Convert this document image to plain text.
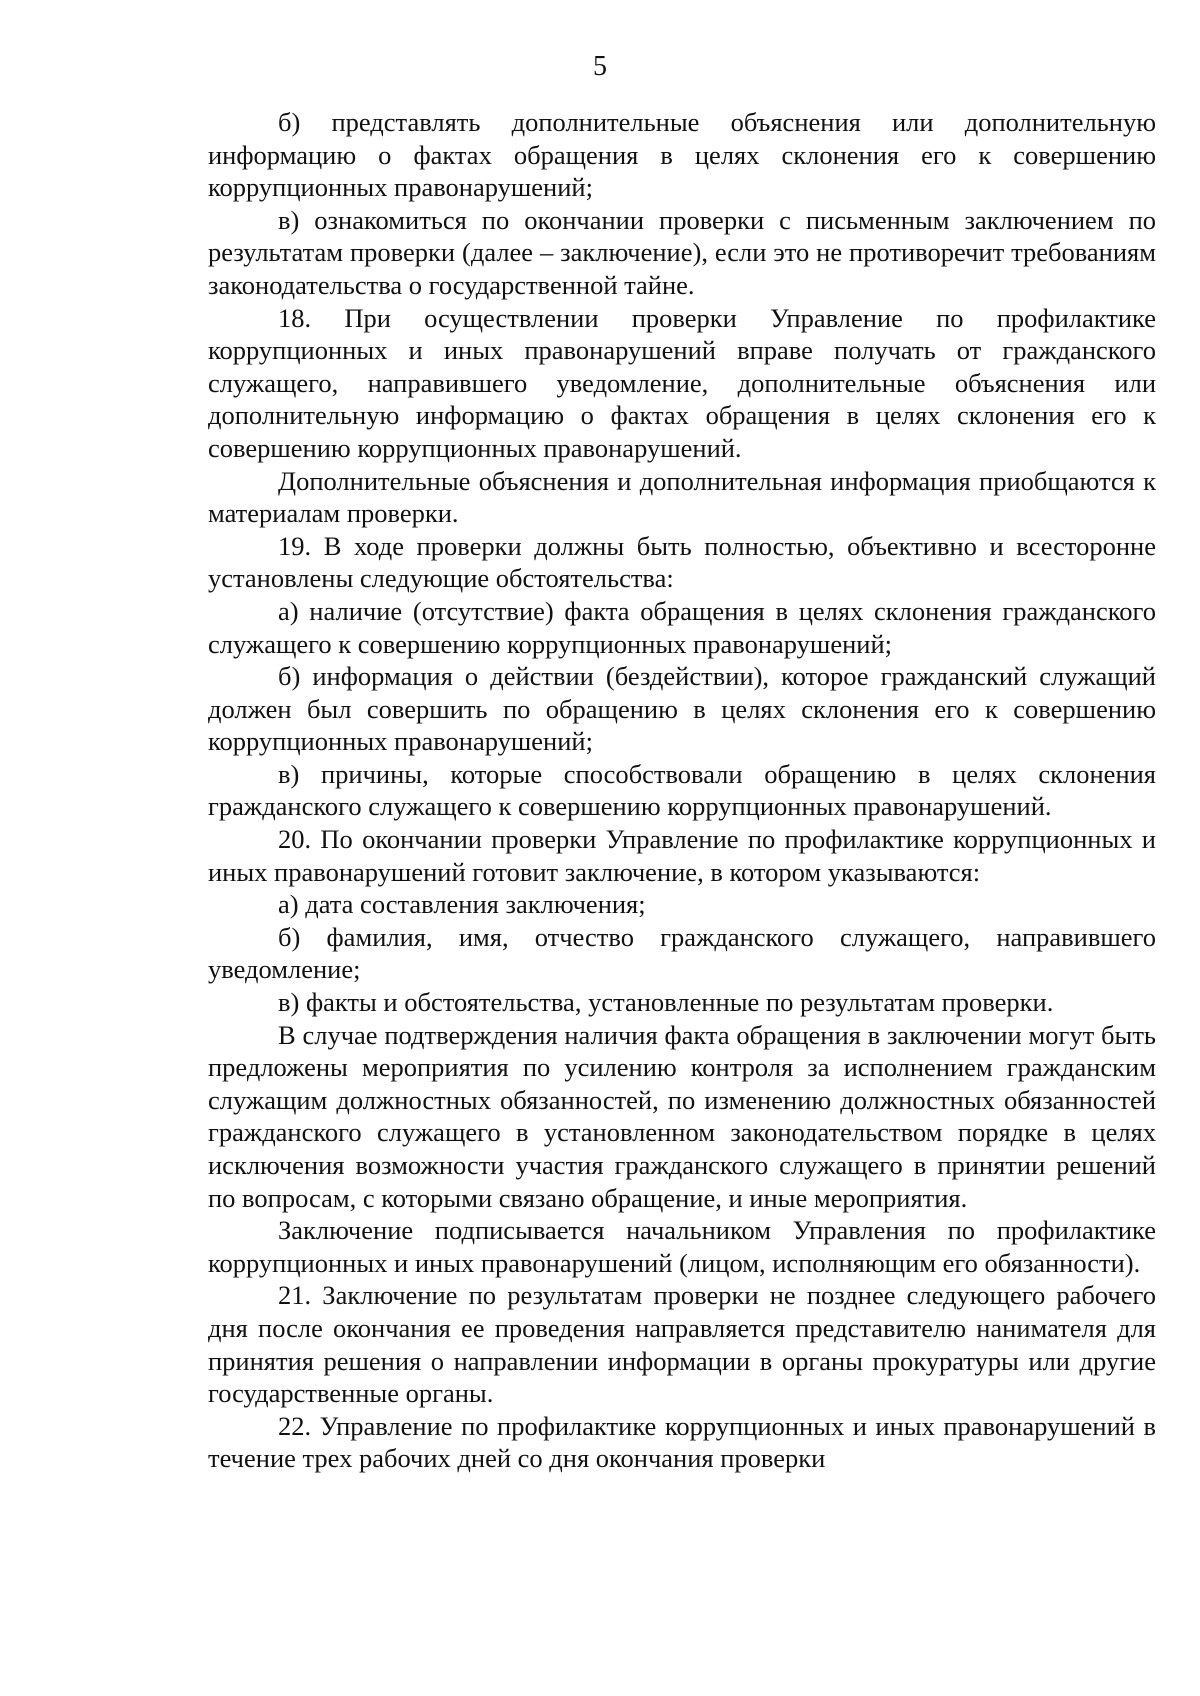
5

б) представлять дополнительные объяснения или дополнительную информацию о фактах обращения в целях склонения его к совершению коррупционных правонарушений;

в) ознакомиться по окончании проверки с письменным заключением по результатам проверки (далее – заключение), если это не противоречит требованиям законодательства о государственной тайне.

18. При осуществлении проверки Управление по профилактике коррупционных и иных правонарушений вправе получать от гражданского служащего, направившего уведомление, дополнительные объяснения или дополнительную информацию о фактах обращения в целях склонения его к совершению коррупционных правонарушений.

Дополнительные объяснения и дополнительная информация приобщаются к материалам проверки.

19. В ходе проверки должны быть полностью, объективно и всесторонне установлены следующие обстоятельства:

а) наличие (отсутствие) факта обращения в целях склонения гражданского служащего к совершению коррупционных правонарушений;

б) информация о действии (бездействии), которое гражданский служащий должен был совершить по обращению в целях склонения его к совершению коррупционных правонарушений;

в) причины, которые способствовали обращению в целях склонения гражданского служащего к совершению коррупционных правонарушений.

20. По окончании проверки Управление по профилактике коррупционных и иных правонарушений готовит заключение, в котором указываются:

а) дата составления заключения;

б) фамилия, имя, отчество гражданского служащего, направившего уведомление;

в) факты и обстоятельства, установленные по результатам проверки.

В случае подтверждения наличия факта обращения в заключении могут быть предложены мероприятия по усилению контроля за исполнением гражданским служащим должностных обязанностей, по изменению должностных обязанностей гражданского служащего в установленном законодательством порядке в целях исключения возможности участия гражданского служащего в принятии решений по вопросам, с которыми связано обращение, и иные мероприятия.

Заключение подписывается начальником Управления по профилактике коррупционных и иных правонарушений (лицом, исполняющим его обязанности).

21. Заключение по результатам проверки не позднее следующего рабочего дня после окончания ее проведения направляется представителю нанимателя для принятия решения о направлении информации в органы прокуратуры или другие государственные органы.

22. Управление по профилактике коррупционных и иных правонарушений в течение трех рабочих дней со дня окончания проверки
